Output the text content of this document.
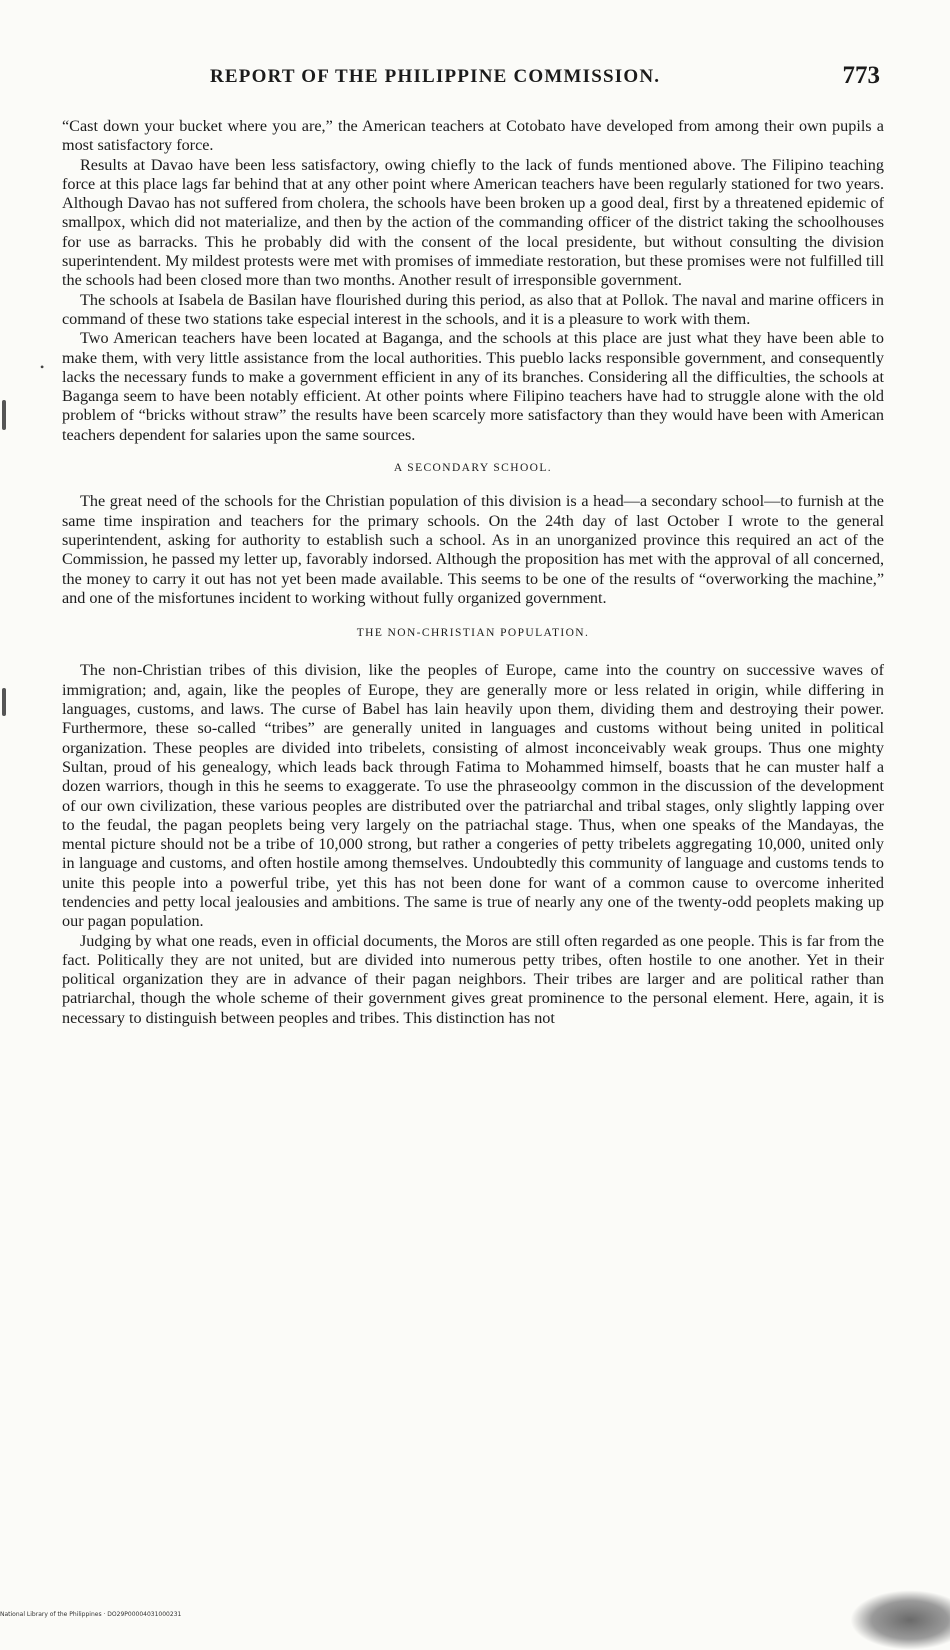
•
REPORT OF THE PHILIPPINE COMMISSION.	773

“Cast down your bucket where you are,” the American teachers at Cotobato have developed from among their own pupils a most satisfactory force.

Results at Davao have been less satisfactory, owing chiefly to the lack of funds mentioned above. The Filipino teaching force at this place lags far behind that at any other point where American teachers have been regularly stationed for two years. Although Davao has not suffered from cholera, the schools have been broken up a good deal, first by a threatened epidemic of smallpox, which did not materialize, and then by the action of the commanding officer of the district taking the schoolhouses for use as barracks. This he probably did with the consent of the local presidente, but without consulting the division superintendent. My mildest protests were met with promises of immediate restoration, but these promises were not fulfilled till the schools had been closed more than two months. Another result of irresponsible government.

The schools at Isabela de Basilan have flourished during this period, as also that at Pollok. The naval and marine officers in command of these two stations take especial interest in the schools, and it is a pleasure to work with them.

Two American teachers have been located at Baganga, and the schools at this place are just what they have been able to make them, with very little assistance from the local authorities. This pueblo lacks responsible government, and consequently lacks the necessary funds to make a government efficient in any of its branches. Considering all the difficulties, the schools at Baganga seem to have been notably efficient. At other points where Filipino teachers have had to struggle alone with the old problem of “bricks without straw” the results have been scarcely more satisfactory than they would have been with American teachers dependent for salaries upon the same sources.

A SECONDARY SCHOOL.

The great need of the schools for the Christian population of this division is a head—a secondary school—to furnish at the same time inspiration and teachers for the primary schools. On the 24th day of last October I wrote to the general superintendent, asking for authority to establish such a school. As in an unorganized province this required an act of the Commission, he passed my letter up, favorably indorsed. Although the proposition has met with the approval of all concerned, the money to carry it out has not yet been made available. This seems to be one of the results of “overworking the machine,” and one of the misfortunes incident to working without fully organized government.

THE NON-CHRISTIAN POPULATION.

The non-Christian tribes of this division, like the peoples of Europe, came into the country on successive waves of immigration; and, again, like the peoples of Europe, they are generally more or less related in origin, while differing in languages, customs, and laws. The curse of Babel has lain heavily upon them, dividing them and destroying their power. Furthermore, these so-called “tribes” are generally united in languages and customs without being united in political organization. These peoples are divided into tribelets, consisting of almost inconceivably weak groups. Thus one mighty Sultan, proud of his genealogy, which leads back through Fatima to Mohammed himself, boasts that he can muster half a dozen warriors, though in this he seems to exaggerate. To use the phraseoolgy common in the discussion of the development of our own civilization, these various peoples are distributed over the patriarchal and tribal stages, only slightly lapping over to the feudal, the pagan peoplets being very largely on the patriachal stage. Thus, when one speaks of the Mandayas, the mental picture should not be a tribe of 10,000 strong, but rather a congeries of petty tribelets aggregating 10,000, united only in language and customs, and often hostile among themselves. Undoubtedly this community of language and customs tends to unite this people into a powerful tribe, yet this has not been done for want of a common cause to overcome inherited tendencies and petty local jealousies and ambitions. The same is true of nearly any one of the twenty-odd peoplets making up our pagan population.

Judging by what one reads, even in official documents, the Moros are still often regarded as one people. This is far from the fact. Politically they are not united, but are divided into numerous petty tribes, often hostile to one another. Yet in their political organization they are in advance of their pagan neighbors. Their tribes are larger and are political rather than patriarchal, though the whole scheme of their government gives great prominence to the personal element. Here, again, it is necessary to distinguish between peoples and tribes. This distinction has not

National Library of the Philippines · DO29P00004031000231
